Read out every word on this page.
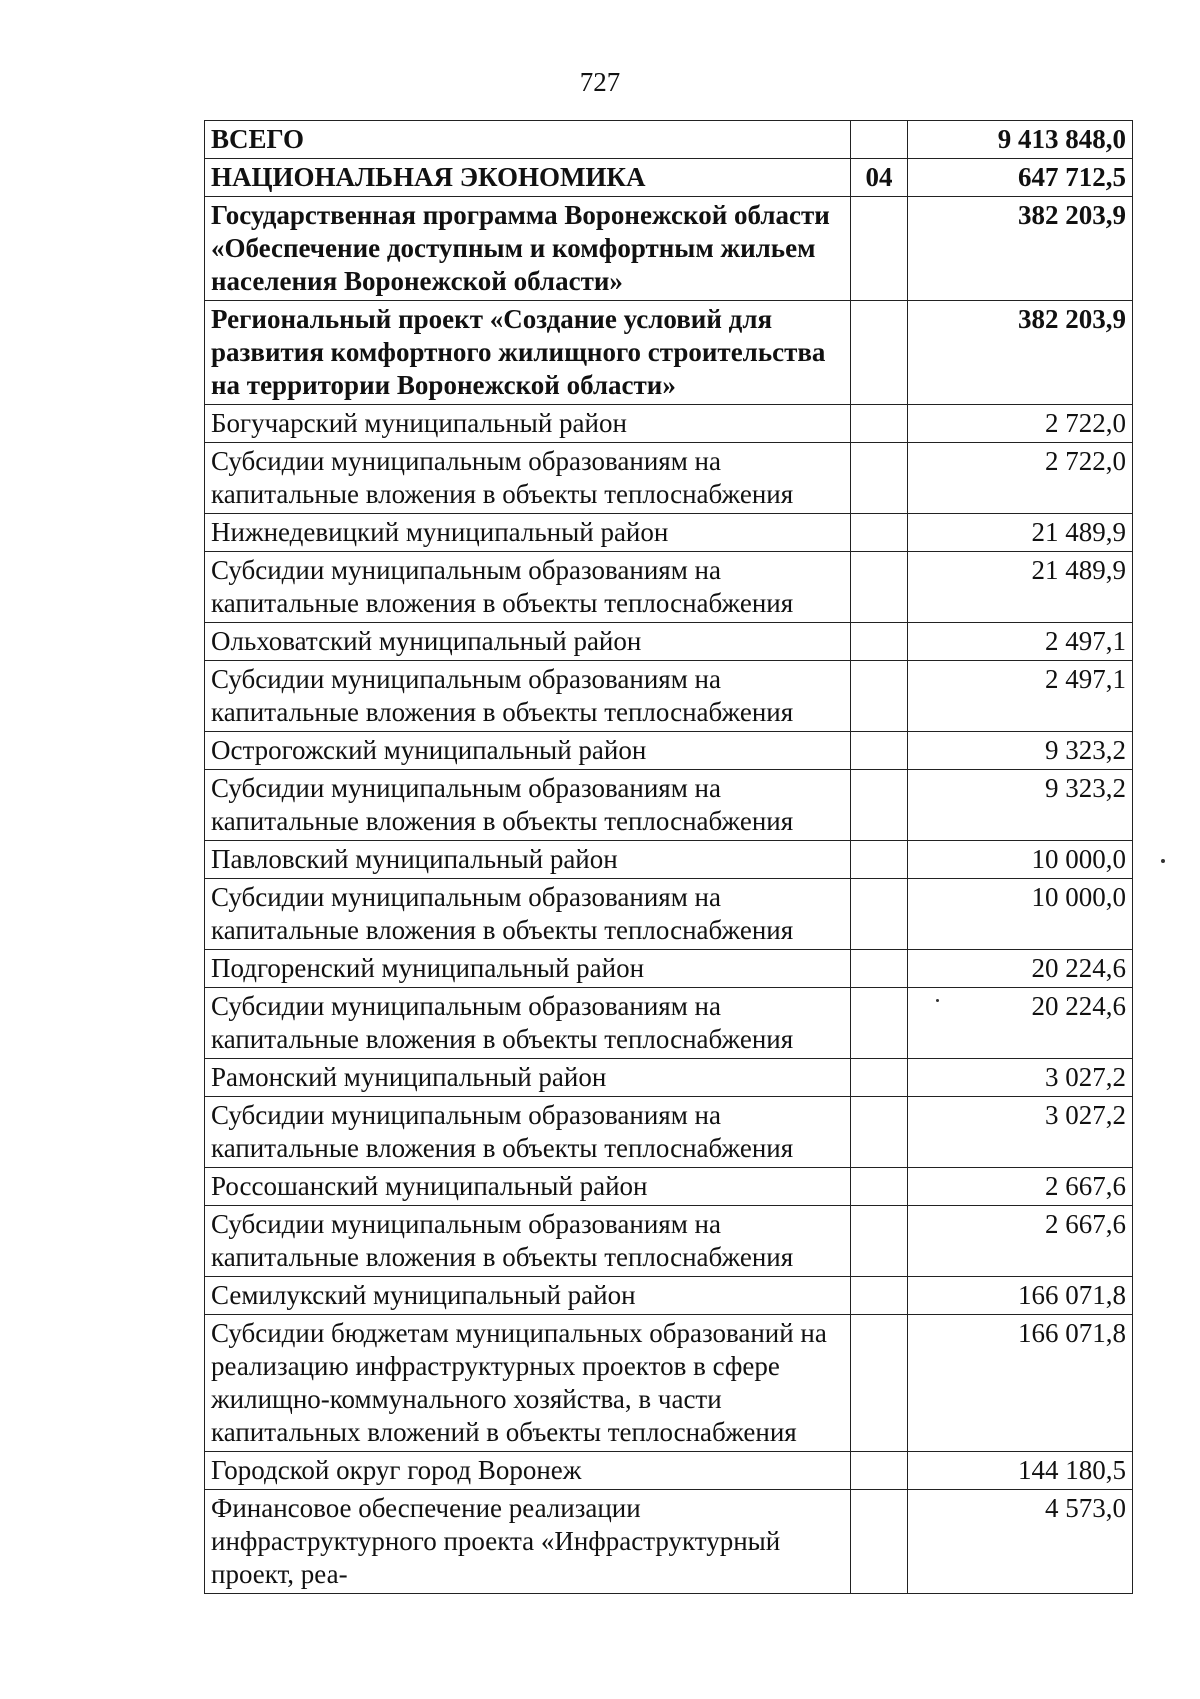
727
ВСЕГО		9 413 848,0
НАЦИОНАЛЬНАЯ ЭКОНОМИКА	04	647 712,5
Государственная программа Воронежской области «Обеспечение доступным и комфортным жильем населения Воронежской области»		382 203,9
Региональный проект «Создание условий для развития комфортного жилищного строительства на территории Воронежской области»		382 203,9
Богучарский муниципальный район		2 722,0
Субсидии муниципальным образованиям на капитальные вложения в объекты теплоснабжения		2 722,0
Нижнедевицкий муниципальный район		21 489,9
Субсидии муниципальным образованиям на капитальные вложения в объекты теплоснабжения		21 489,9
Ольховатский муниципальный район		2 497,1
Субсидии муниципальным образованиям на капитальные вложения в объекты теплоснабжения		2 497,1
Острогожский муниципальный район		9 323,2
Субсидии муниципальным образованиям на капитальные вложения в объекты теплоснабжения		9 323,2
Павловский муниципальный район		10 000,0
Субсидии муниципальным образованиям на капитальные вложения в объекты теплоснабжения		10 000,0
Подгоренский муниципальный район		20 224,6
Субсидии муниципальным образованиям на капитальные вложения в объекты теплоснабжения		20 224,6
Рамонский муниципальный район		3 027,2
Субсидии муниципальным образованиям на капитальные вложения в объекты теплоснабжения		3 027,2
Россошанский муниципальный район		2 667,6
Субсидии муниципальным образованиям на капитальные вложения в объекты теплоснабжения		2 667,6
Семилукский муниципальный район		166 071,8
Субсидии бюджетам муниципальных образований на реализацию инфраструктурных проектов в сфере жилищно-коммунального хозяйства, в части капитальных вложений в объекты теплоснабжения		166 071,8
Городской округ город Воронеж		144 180,5
Финансовое обеспечение реализации инфраструктурного проекта «Инфраструктурный проект, реа-		4 573,0
